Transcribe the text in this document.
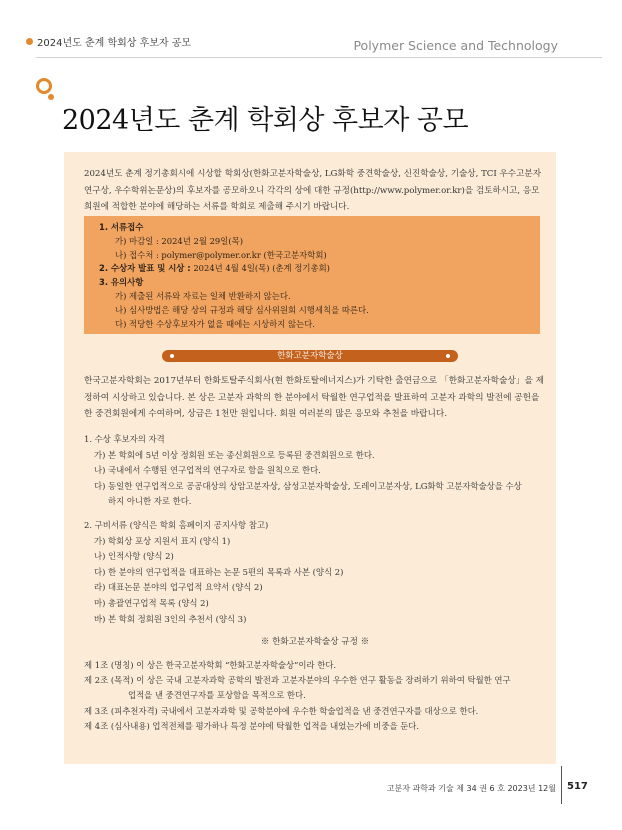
2024년도 춘계 학회상 후보자 공모	Polymer Science and Technology
2024년도 춘계 학회상 후보자 공모
2024년도 춘계 정기총회시에 시상할 학회상(한화고분자학술상, LG화학 중견학술상, 신진학술상, 기술상, TCI 우수고분자연구상, 우수학위논문상)의 후보자를 공모하오니 각각의 상에 대한 규정(http://www.polymer.or.kr)을 검토하시고, 응모희원에 적합한 분야에 해당하는 서류를 학회로 제출해 주시기 바랍니다.
1. 서류접수
가) 마감일 : 2024년 2월 29일(목)
나) 접수처 : polymer@polymer.or.kr (한국고분자학회)
2. 수상자 발표 및 시상 : 2024년 4월 4일(목) (춘계 정기총회)
3. 유의사항
가) 제출된 서류와 자료는 일체 반환하지 않는다.
나) 심사방법은 해당 상의 규정과 해당 심사위원회 시행세칙을 따른다.
다) 적당한 수상후보자가 없을 때에는 시상하지 않는다.
한화고분자학술상
한국고분자학회는 2017년부터 한화토탈주식회사(현 한화토탈에너지스)가 기탁한 출연금으로 「한화고분자학술상」을 제정하여 시상하고 있습니다. 본 상은 고분자 과학의 한 분야에서 탁월한 연구업적을 발표하여 고분자 과학의 발전에 공헌을 한 중견회원에게 수여하며, 상금은 1천만 원입니다. 회원 여러분의 많은 응모와 추천을 바랍니다.
1. 수상 후보자의 자격
가) 본 학회에 5년 이상 정회원 또는 종신회원으로 등록된 중견회원으로 한다.
나) 국내에서 수행된 연구업적의 연구자로 함을 원칙으로 한다.
다) 동일한 연구업적으로 공공대상의 상암고분자상, 삼성고분자학술상, 도레이고분자상, LG화학 고분자학술상을 수상
하지 아니한 자로 한다.
2. 구비서류 (양식은 학회 홈페이지 공지사항 참고)
가) 학회상 포상 지원서 표지 (양식 1)
나) 인적사항 (양식 2)
다) 한 분야의 연구업적을 대표하는 논문 5편의 목록과 사본 (양식 2)
라) 대표논문 분야의 업구업적 요약서 (양식 2)
마) 총괄연구업적 목록 (양식 2)
바) 본 학회 정회원 3인의 추천서 (양식 3)
※ 한화고분자학술상 규정 ※
제 1조 (명칭) 이 상은 한국고분자학회 “한화고분자학술상”이라 한다.
제 2조 (목적) 이 상은 국내 고분자과학 공학의 발전과 고분자분야의 우수한 연구 활동을 장려하기 위하여 탁월한 연구
업적을 낸 중견연구자를 포상함을 목적으로 한다.
제 3조 (피추천자격) 국내에서 고분자과학 및 공학분야에 우수한 학술업적을 낸 중견연구자를 대상으로 한다.
제 4조 (심사내용) 업적전체를 평가하나 특정 분야에 탁월한 업적을 내었는가에 비중을 둔다.
고분자 과학과 기술 제 34 권 6 호 2023년 12월 517
